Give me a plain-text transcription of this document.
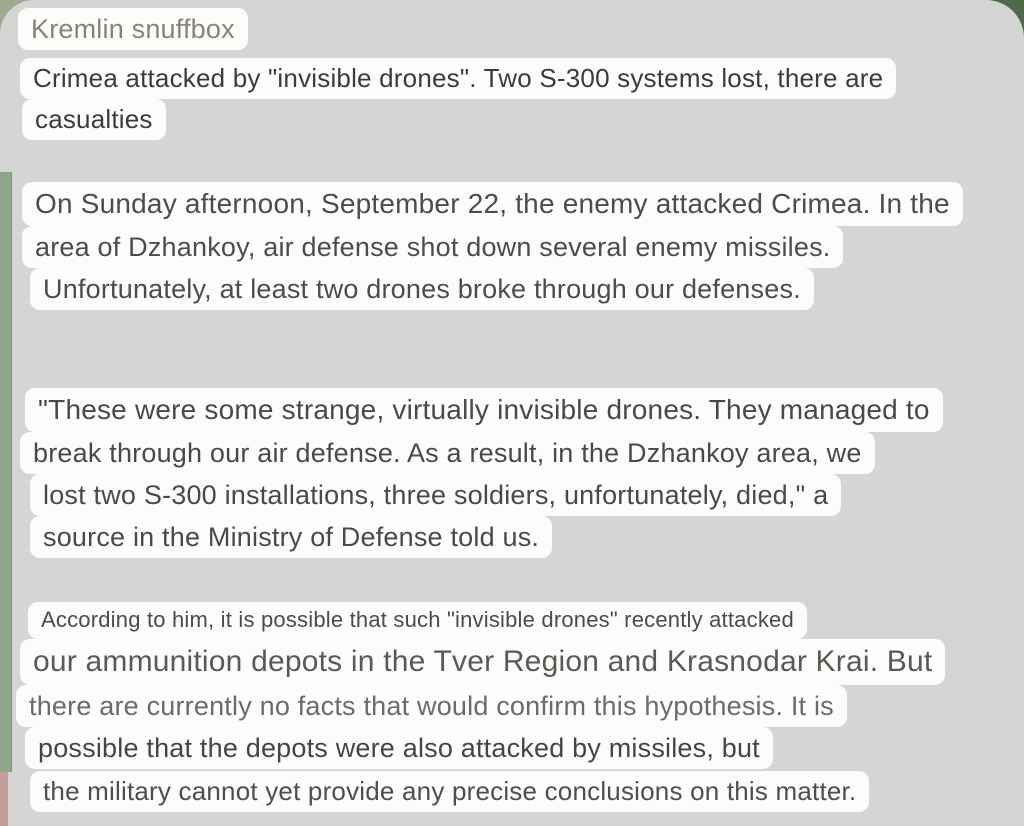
Kremlin snuffbox
Crimea attacked by "invisible drones". Two S-300 systems lost, there are
casualties
On Sunday afternoon, September 22, the enemy attacked Crimea. In the
area of Dzhankoy, air defense shot down several enemy missiles.
Unfortunately, at least two drones broke through our defenses.
"These were some strange, virtually invisible drones. They managed to
break through our air defense. As a result, in the Dzhankoy area, we
lost two S-300 installations, three soldiers, unfortunately, died," a
source in the Ministry of Defense told us.
According to him, it is possible that such "invisible drones" recently attacked
our ammunition depots in the Tver Region and Krasnodar Krai. But
there are currently no facts that would confirm this hypothesis. It is
possible that the depots were also attacked by missiles, but
the military cannot yet provide any precise conclusions on this matter.
